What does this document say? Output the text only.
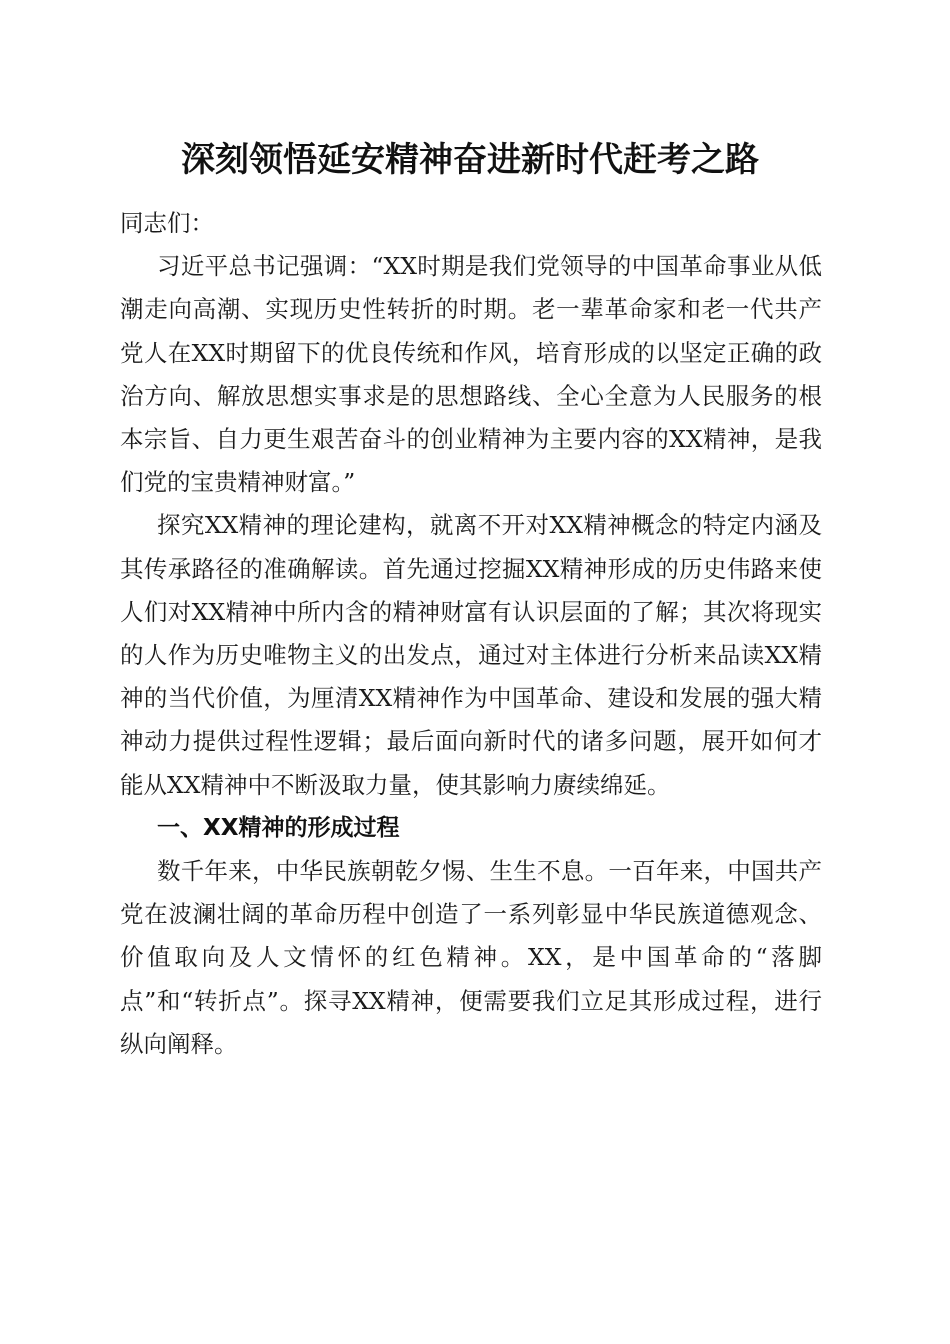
深刻领悟延安精神奋进新时代赶考之路

同志们：

习近平总书记强调：“XX时期是我们党领导的中国革命事业从低潮走向高潮、实现历史性转折的时期。老一辈革命家和老一代共产党人在XX时期留下的优良传统和作风，培育形成的以坚定正确的政治方向、解放思想实事求是的思想路线、全心全意为人民服务的根本宗旨、自力更生艰苦奋斗的创业精神为主要内容的XX精神，是我们党的宝贵精神财富。”

探究XX精神的理论建构，就离不开对XX精神概念的特定内涵及其传承路径的准确解读。首先通过挖掘XX精神形成的历史伟路来使人们对XX精神中所内含的精神财富有认识层面的了解；其次将现实的人作为历史唯物主义的出发点，通过对主体进行分析来品读XX精神的当代价值，为厘清XX精神作为中国革命、建设和发展的强大精神动力提供过程性逻辑；最后面向新时代的诸多问题，展开如何才能从XX精神中不断汲取力量，使其影响力赓续绵延。

一、XX精神的形成过程

数千年来，中华民族朝乾夕惕、生生不息。一百年来，中国共产党在波澜壮阔的革命历程中创造了一系列彰显中华民族道德观念、价值取向及人文情怀的红色精神。XX，是中国革命的“落脚点”和“转折点”。探寻XX精神，便需要我们立足其形成过程，进行纵向阐释。
